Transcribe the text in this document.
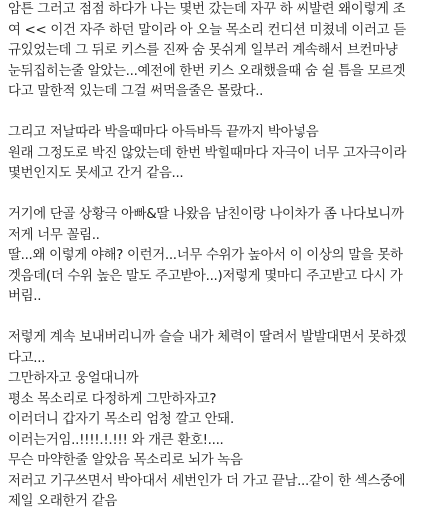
암튼 그러고 점점 하다가 나는 몇번 갔는데 자꾸 하 씨발련 왜이렇게 조
여 << 이건 자주 하던 말이라 아 오늘 목소리 컨디션 미쳤네 이러고 듣
규있었는데 그 뒤로 키스를 진짜 숨 못쉬게 일부러 계속해서 브컨마냥
눈뒤집히는줄 알았는...예전에 한번 키스 오래했을때 숨 쉴 틈을 모르겟
다고 말한적 있는데 그걸 써먹을줄은 몰랐다..
그리고 저날따라 박을때마다 아득바득 끝까지 박아넣음
원래 그정도로 박진 않았는데 한번 박힐때마다 자극이 너무 고자극이라
몇번인지도 못세고 간거 같음...
거기에 단골 상황극 아빠&딸 나왔음 남친이랑 나이차가 좀 나다보니까
저게 너무 꼴림..
딸...왜 이렇게 야해? 이런거...너무 수위가 높아서 이 이상의 말을 못하
겟음데(더 수위 높은 말도 주고받아...)저렇게 몇마디 주고받고 다시 가
버림..
저렇게 계속 보내버리니까 슬슬 내가 체력이 딸려서 발발대면서 못하겠
다고...
그만하자고 웅얼대니까
평소 목소리로 다정하게 그만하자고?
이러더니 갑자기 목소리 엄청 깔고 안돼.
이러는거임..!!!!.!.!!! 와 개큰 환호!....
무슨 마약한줄 알았음 목소리로 뇌가 녹음
저러고 기구쓰면서 박아대서 세번인가 더 가고 끝남...같이 한 섹스중에
제일 오래한거 같음
